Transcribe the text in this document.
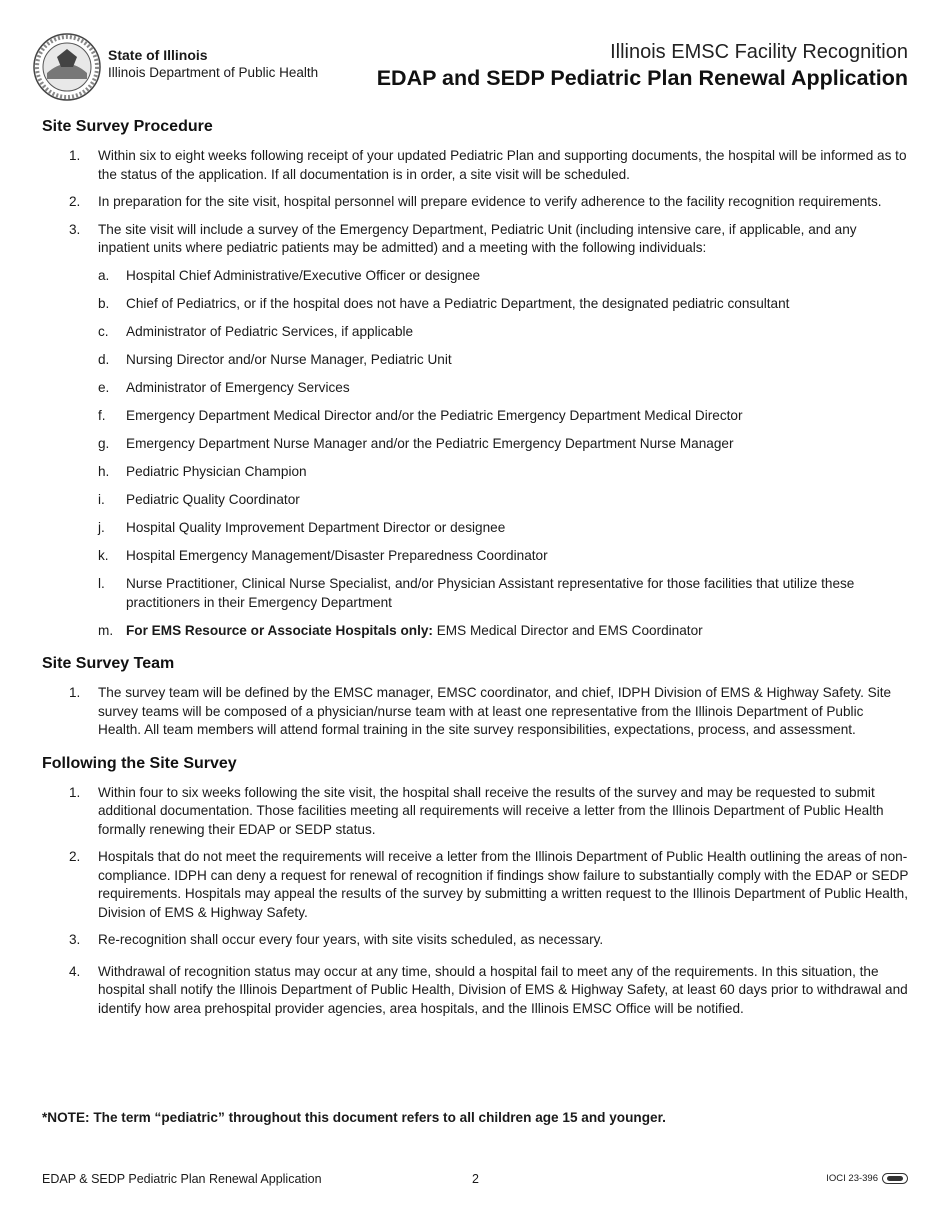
State of Illinois
Illinois Department of Public Health
Illinois EMSC Facility Recognition
EDAP and SEDP Pediatric Plan Renewal Application
Site Survey Procedure
1.	Within six to eight weeks following receipt of your updated Pediatric Plan and supporting documents, the hospital will be informed as to the status of the application. If all documentation is in order, a site visit will be scheduled.
2.	In preparation for the site visit, hospital personnel will prepare evidence to verify adherence to the facility recognition requirements.
3.	The site visit will include a survey of the Emergency Department, Pediatric Unit (including intensive care, if applicable, and any inpatient units where pediatric patients may be admitted) and a meeting with the following individuals:
a.	Hospital Chief Administrative/Executive Officer or designee
b.	Chief of Pediatrics, or if the hospital does not have a Pediatric Department, the designated pediatric consultant
c.	Administrator of Pediatric Services, if applicable
d.	Nursing Director and/or Nurse Manager, Pediatric Unit
e.	Administrator of Emergency Services
f.	Emergency Department Medical Director and/or the Pediatric Emergency Department Medical Director
g.	Emergency Department Nurse Manager and/or the Pediatric Emergency Department Nurse Manager
h.	Pediatric Physician Champion
i.	Pediatric Quality Coordinator
j.	Hospital Quality Improvement Department Director or designee
k.	Hospital Emergency Management/Disaster Preparedness Coordinator
l.	Nurse Practitioner, Clinical Nurse Specialist, and/or Physician Assistant representative for those facilities that utilize these practitioners in their Emergency Department
m. For EMS Resource or Associate Hospitals only: EMS Medical Director and EMS Coordinator
Site Survey Team
1.	The survey team will be defined by the EMSC manager, EMSC coordinator, and chief, IDPH Division of EMS & Highway Safety. Site survey teams will be composed of a physician/nurse team with at least one representative from the Illinois Department of Public Health. All team members will attend formal training in the site survey responsibilities, expectations, process, and assessment.
Following the Site Survey
1.	Within four to six weeks following the site visit, the hospital shall receive the results of the survey and may be requested to submit additional documentation. Those facilities meeting all requirements will receive a letter from the Illinois Department of Public Health formally renewing their EDAP or SEDP status.
2.	Hospitals that do not meet the requirements will receive a letter from the Illinois Department of Public Health outlining the areas of non-compliance. IDPH can deny a request for renewal of recognition if findings show failure to substantially comply with the EDAP or SEDP requirements. Hospitals may appeal the results of the survey by submitting a written request to the Illinois Department of Public Health, Division of EMS & Highway Safety.
3.	Re-recognition shall occur every four years, with site visits scheduled, as necessary.
4.	Withdrawal of recognition status may occur at any time, should a hospital fail to meet any of the requirements. In this situation, the hospital shall notify the Illinois Department of Public Health, Division of EMS & Highway Safety, at least 60 days prior to withdrawal and identify how area prehospital provider agencies, area hospitals, and the Illinois EMSC Office will be notified.
*NOTE: The term “pediatric” throughout this document refers to all children age 15 and younger.
EDAP & SEDP Pediatric Plan Renewal Application	2	IOCI 23-396
